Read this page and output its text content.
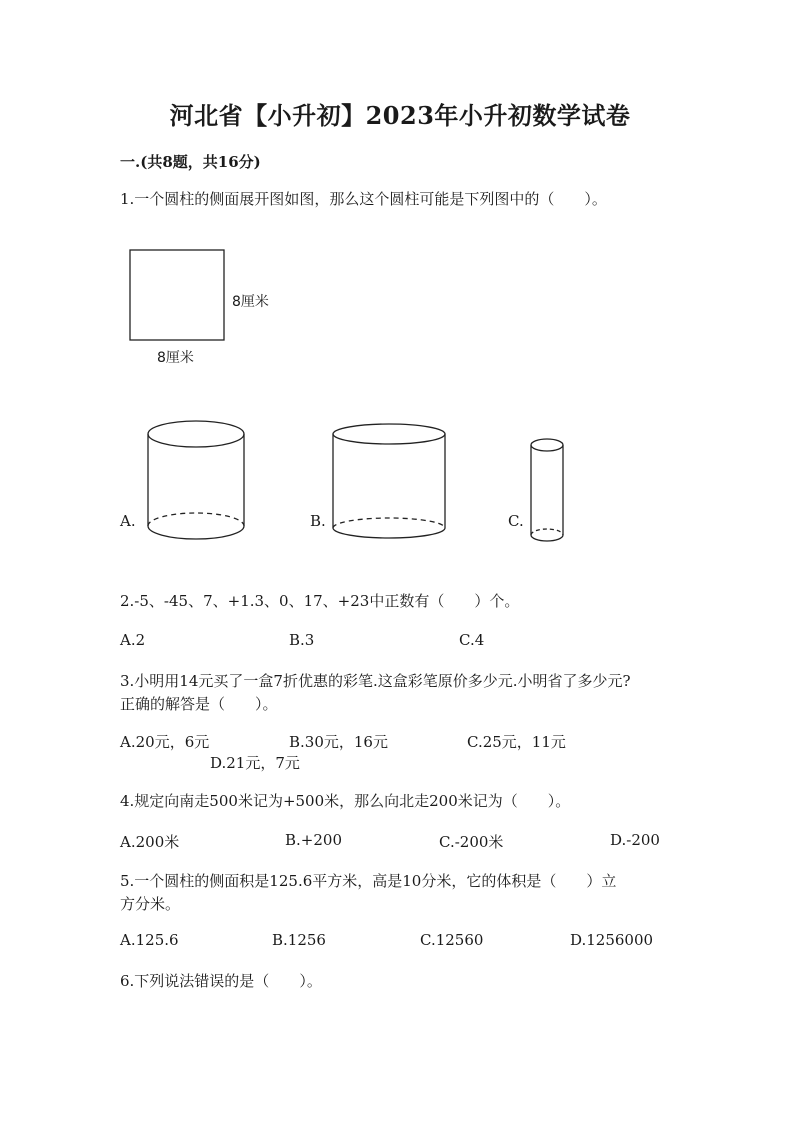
河北省【小升初】2023年小升初数学试卷
一.(共8题，共16分)
1.一个圆柱的侧面展开图如图，那么这个圆柱可能是下列图中的（　　）。
8厘米
8厘米
A.	B.	C.
2.-5、-45、7、+1.3、0、17、+23中正数有（　　）个。
A.2	B.3	C.4
3.小明用14元买了一盒7折优惠的彩笔.这盒彩笔原价多少元.小明省了多少元?
正确的解答是（　　）。
A.20元，6元	B.30元，16元	C.25元，11元
D.21元，7元
4.规定向南走500米记为+500米，那么向北走200米记为（　　）。
A.200米	B.+200	C.-200米	D.-200
5.一个圆柱的侧面积是125.6平方米，高是10分米，它的体积是（　　）立
方分米。
A.125.6	B.1256	C.12560	D.1256000
6.下列说法错误的是（　　）。
